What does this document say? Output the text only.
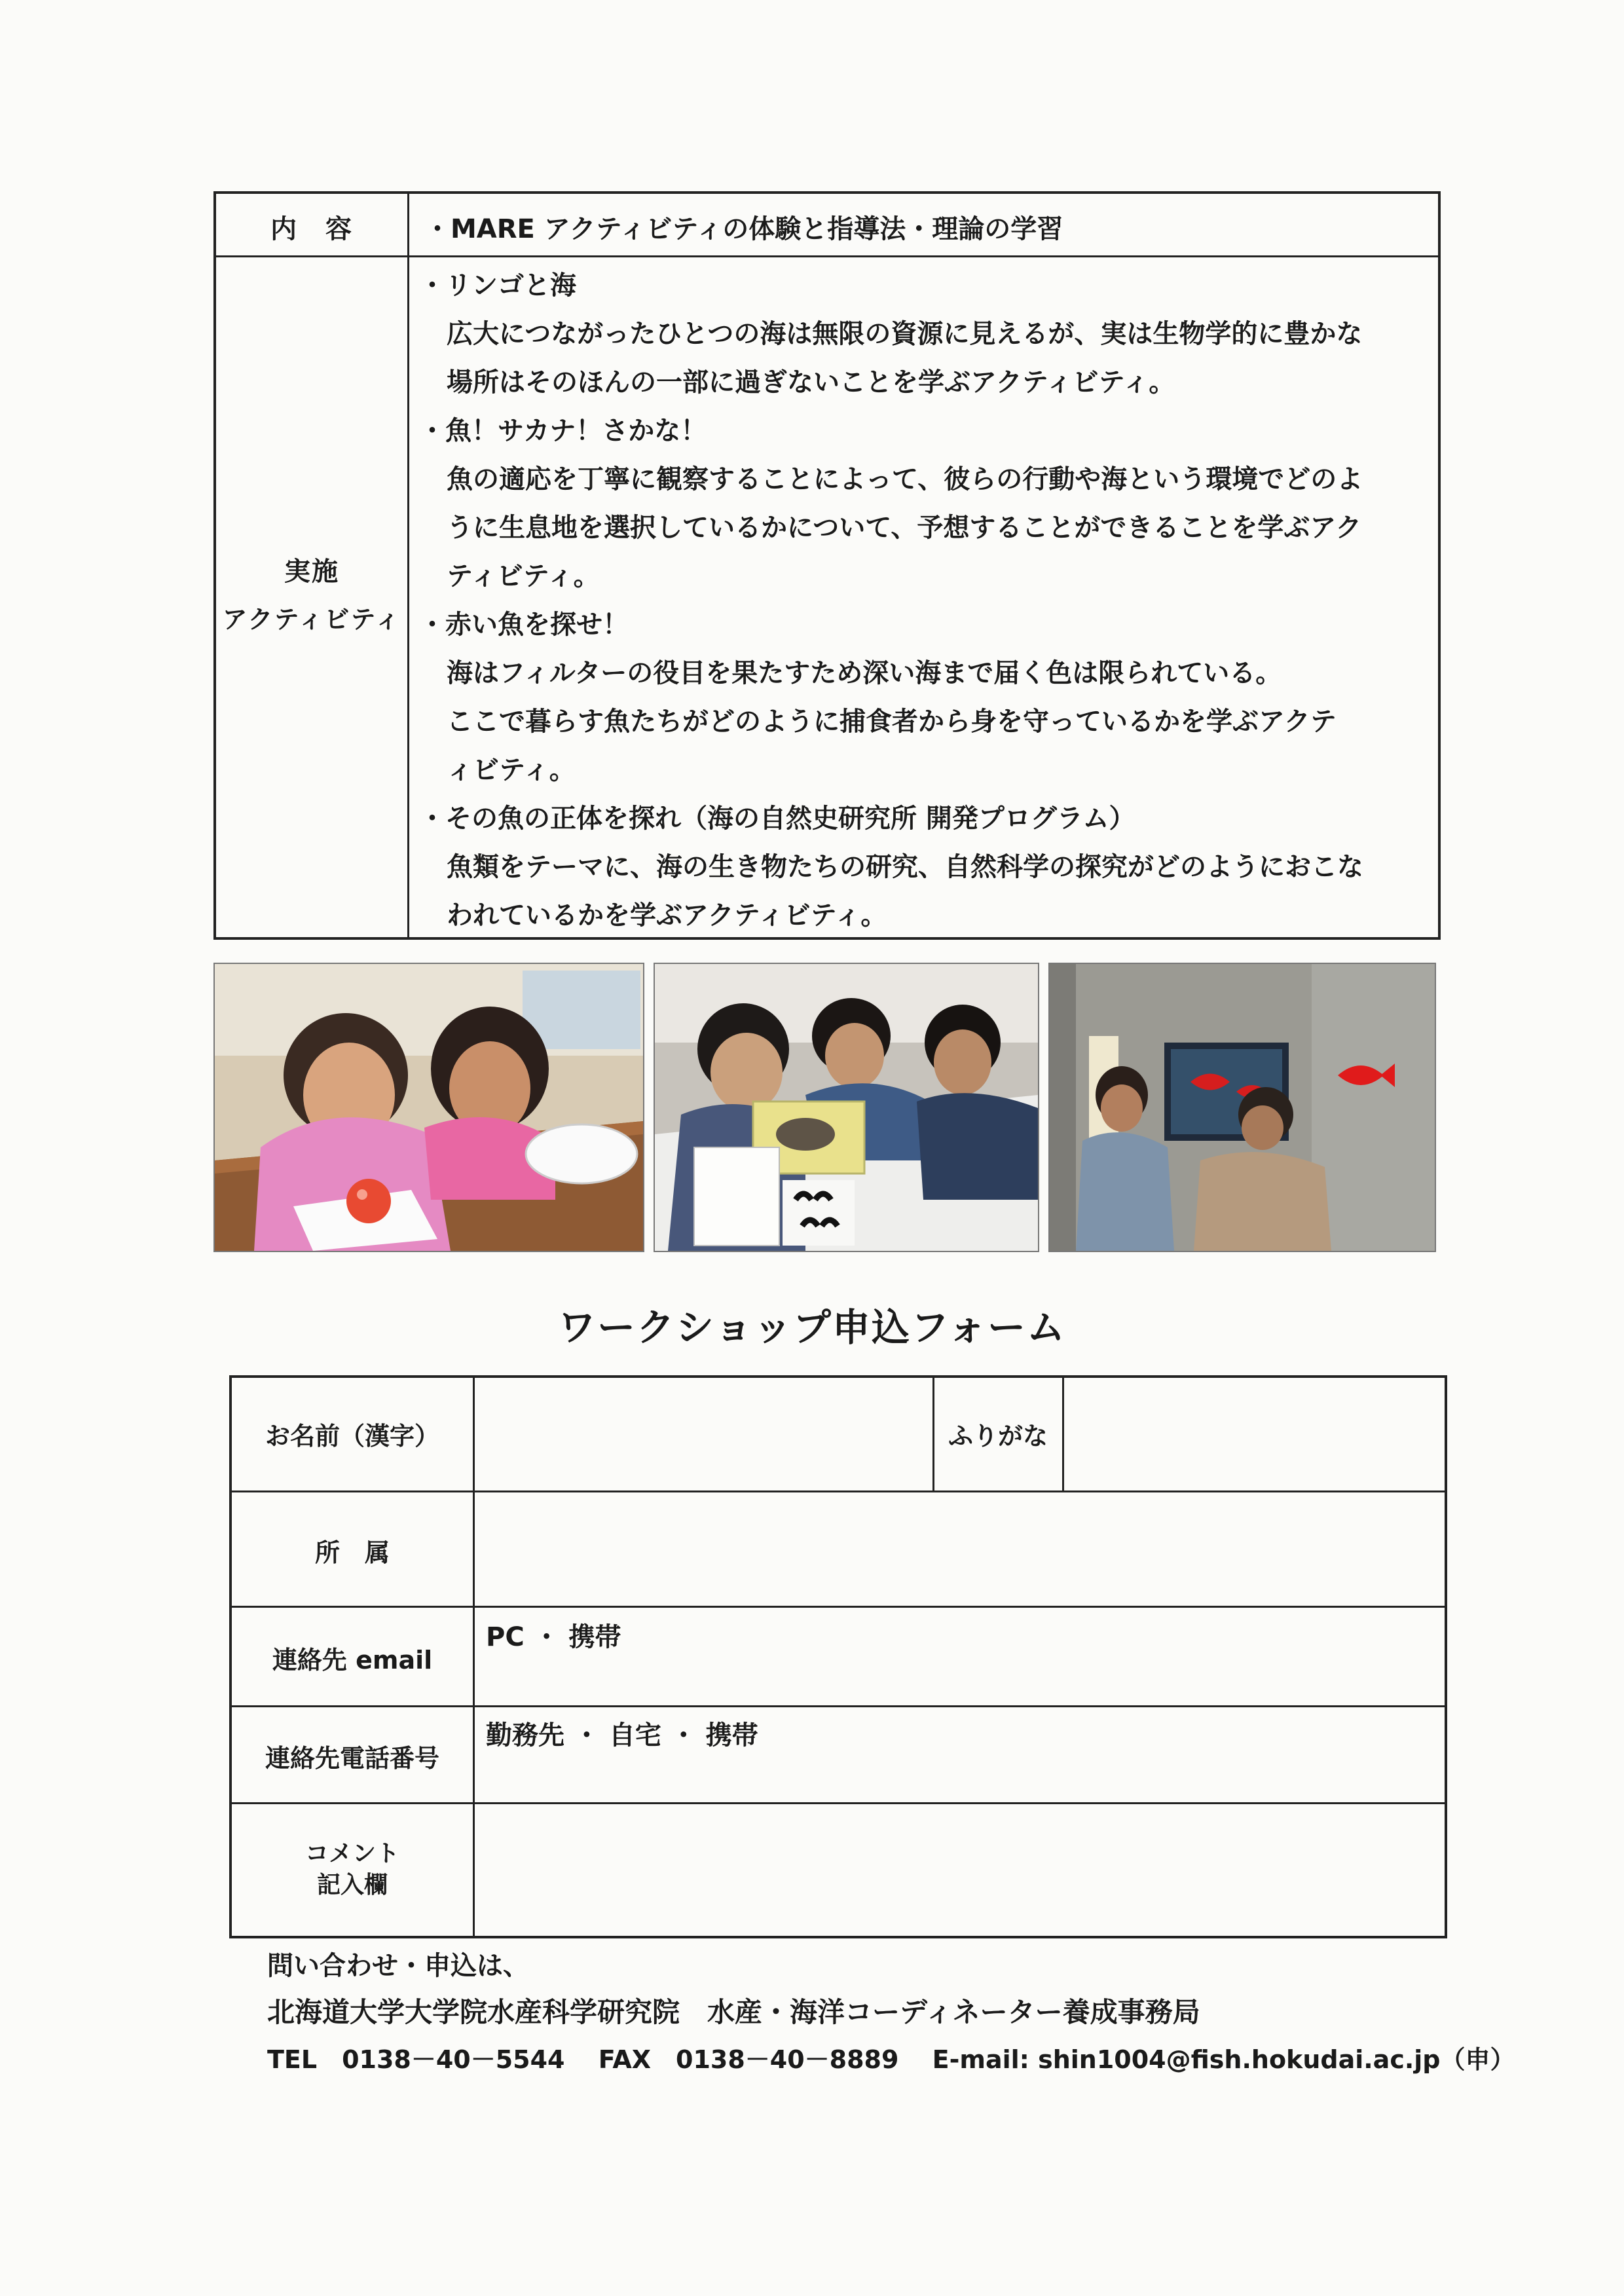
内　容	・MARE アクティビティの体験と指導法・理論の学習
実施
アクティビティ
・リンゴと海
広大につながったひとつの海は無限の資源に見えるが、実は生物学的に豊かな
場所はそのほんの一部に過ぎないことを学ぶアクティビティ。
・魚！サカナ！さかな！
魚の適応を丁寧に観察することによって、彼らの行動や海という環境でどのよ
うに生息地を選択しているかについて、予想することができることを学ぶアク
ティビティ。
・赤い魚を探せ！
海はフィルターの役目を果たすため深い海まで届く色は限られている。
ここで暮らす魚たちがどのように捕食者から身を守っているかを学ぶアクテ
ィビティ。
・その魚の正体を探れ（海の自然史研究所 開発プログラム）
魚類をテーマに、海の生き物たちの研究、自然科学の探究がどのようにおこな
われているかを学ぶアクティビティ。
ワークショップ申込フォーム
お名前（漢字）	ふりがな
所　属
連絡先 email
PC ・ 携帯
連絡先電話番号
勤務先 ・ 自宅 ・ 携帯
コメント
記入欄
問い合わせ・申込は、
北海道大学大学院水産科学研究院　水産・海洋コーディネーター養成事務局
TEL　0138－40－5544　 FAX　0138－40－8889　 E-mail: shin1004@fish.hokudai.ac.jp（申）
